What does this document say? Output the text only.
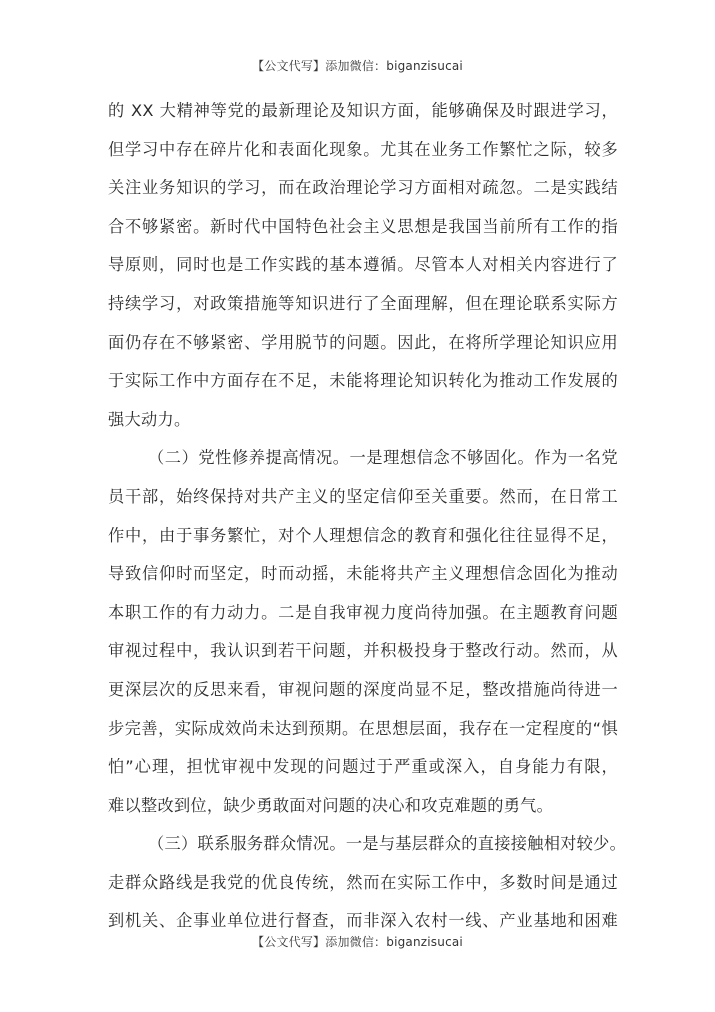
【公文代写】添加微信：biganzisucai
的 XX 大精神等党的最新理论及知识方面，能够确保及时跟进学习，
但学习中存在碎片化和表面化现象。尤其在业务工作繁忙之际，较多
关注业务知识的学习，而在政治理论学习方面相对疏忽。二是实践结
合不够紧密。新时代中国特色社会主义思想是我国当前所有工作的指
导原则，同时也是工作实践的基本遵循。尽管本人对相关内容进行了
持续学习，对政策措施等知识进行了全面理解，但在理论联系实际方
面仍存在不够紧密、学用脱节的问题。因此，在将所学理论知识应用
于实际工作中方面存在不足，未能将理论知识转化为推动工作发展的
强大动力。
（二）党性修养提高情况。一是理想信念不够固化。作为一名党
员干部，始终保持对共产主义的坚定信仰至关重要。然而，在日常工
作中，由于事务繁忙，对个人理想信念的教育和强化往往显得不足，
导致信仰时而坚定，时而动摇，未能将共产主义理想信念固化为推动
本职工作的有力动力。二是自我审视力度尚待加强。在主题教育问题
审视过程中，我认识到若干问题，并积极投身于整改行动。然而，从
更深层次的反思来看，审视问题的深度尚显不足，整改措施尚待进一
步完善，实际成效尚未达到预期。在思想层面，我存在一定程度的“惧
怕”心理，担忧审视中发现的问题过于严重或深入，自身能力有限，
难以整改到位，缺少勇敢面对问题的决心和攻克难题的勇气。
（三）联系服务群众情况。一是与基层群众的直接接触相对较少。
走群众路线是我党的优良传统，然而在实际工作中，多数时间是通过
到机关、企事业单位进行督查，而非深入农村一线、产业基地和困难
【公文代写】添加微信：biganzisucai
